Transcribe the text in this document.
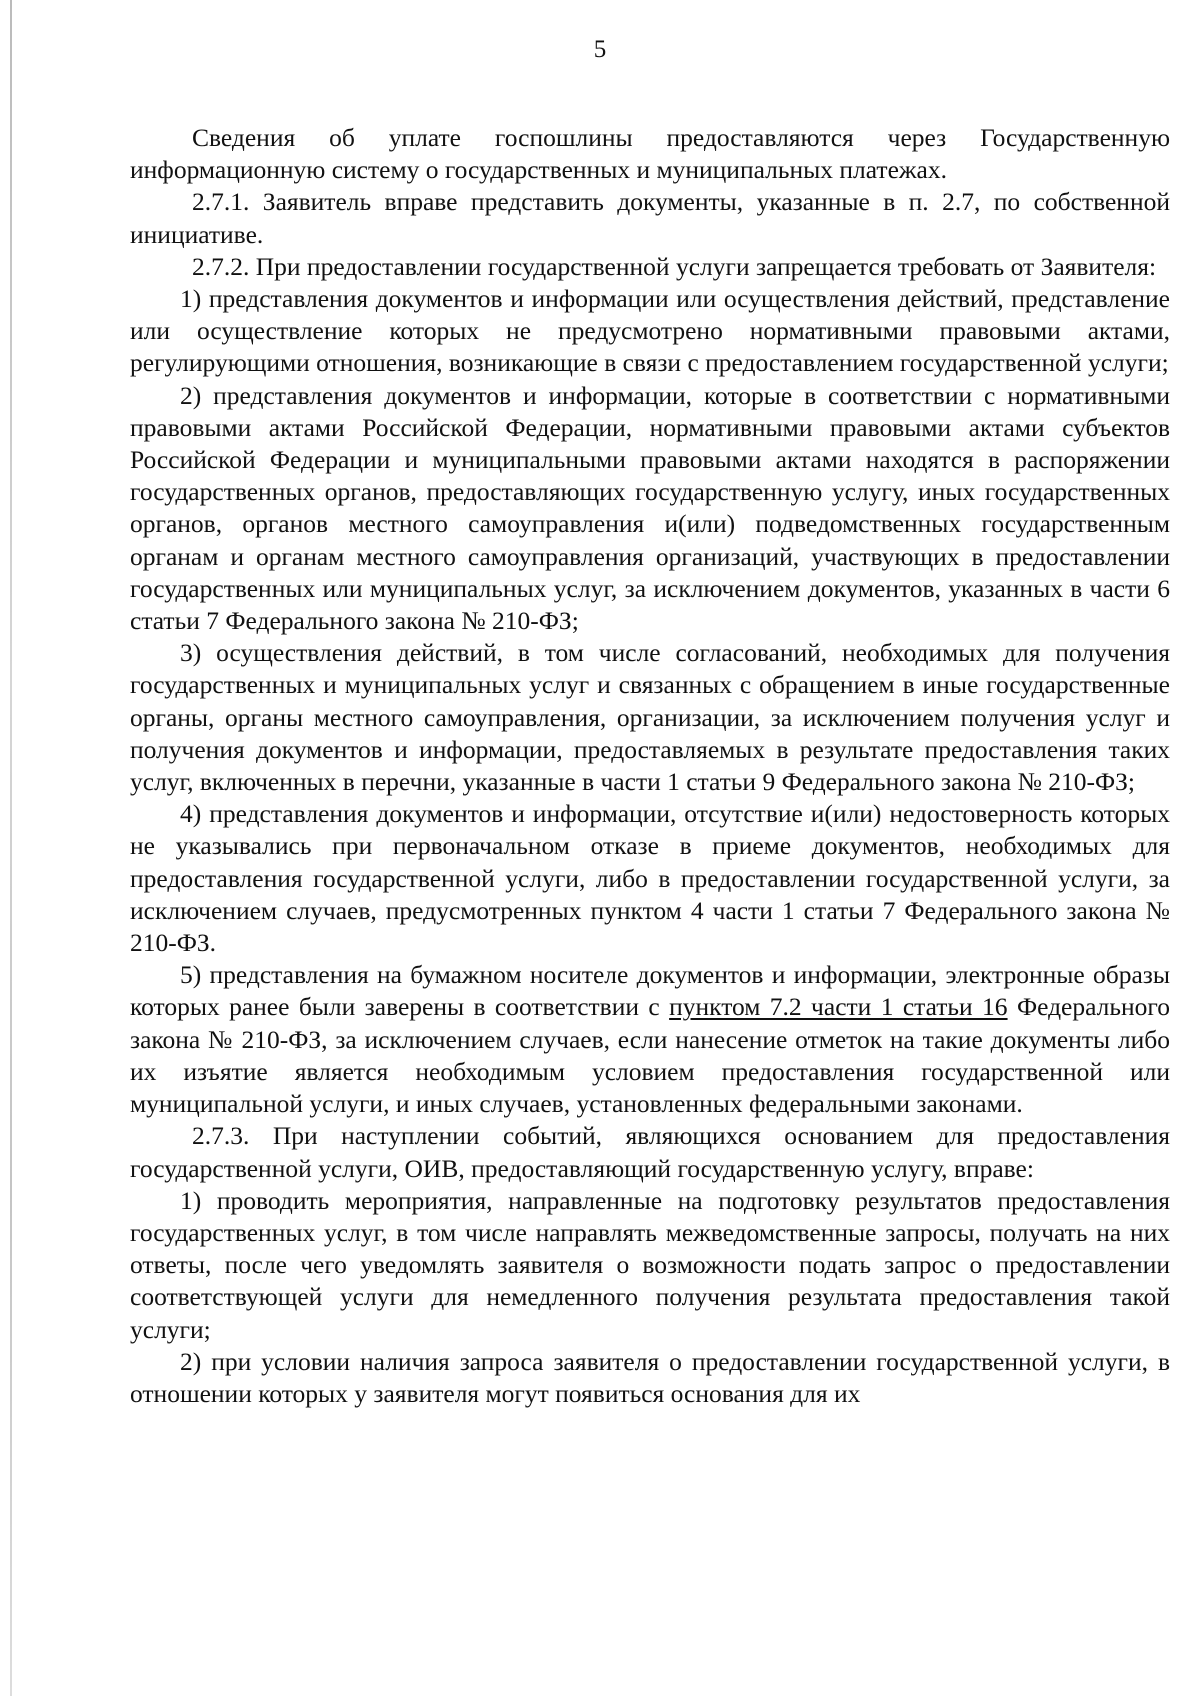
5

Сведения об уплате госпошлины предоставляются через Государственную информационную систему о государственных и муниципальных платежах.

2.7.1. Заявитель вправе представить документы, указанные в п. 2.7, по собственной инициативе.

2.7.2. При предоставлении государственной услуги запрещается требовать от Заявителя:

1) представления документов и информации или осуществления действий, представление или осуществление которых не предусмотрено нормативными правовыми актами, регулирующими отношения, возникающие в связи с предоставлением государственной услуги;

2) представления документов и информации, которые в соответствии с нормативными правовыми актами Российской Федерации, нормативными правовыми актами субъектов Российской Федерации и муниципальными правовыми актами находятся в распоряжении государственных органов, предоставляющих государственную услугу, иных государственных органов, органов местного самоуправления и(или) подведомственных государственным органам и органам местного самоуправления организаций, участвующих в предоставлении государственных или муниципальных услуг, за исключением документов, указанных в части 6 статьи 7 Федерального закона № 210-ФЗ;

3) осуществления действий, в том числе согласований, необходимых для получения государственных и муниципальных услуг и связанных с обращением в иные государственные органы, органы местного самоуправления, организации, за исключением получения услуг и получения документов и информации, предоставляемых в результате предоставления таких услуг, включенных в перечни, указанные в части 1 статьи 9 Федерального закона № 210-ФЗ;

4) представления документов и информации, отсутствие и(или) недостоверность которых не указывались при первоначальном отказе в приеме документов, необходимых для предоставления государственной услуги, либо в предоставлении государственной услуги, за исключением случаев, предусмотренных пунктом 4 части 1 статьи 7 Федерального закона № 210-ФЗ.

5) представления на бумажном носителе документов и информации, электронные образы которых ранее были заверены в соответствии с пунктом 7.2 части 1 статьи 16 Федерального закона № 210-ФЗ, за исключением случаев, если нанесение отметок на такие документы либо их изъятие является необходимым условием предоставления государственной или муниципальной услуги, и иных случаев, установленных федеральными законами.

2.7.3. При наступлении событий, являющихся основанием для предоставления государственной услуги, ОИВ, предоставляющий государственную услугу, вправе:

1) проводить мероприятия, направленные на подготовку результатов предоставления государственных услуг, в том числе направлять межведомственные запросы, получать на них ответы, после чего уведомлять заявителя о возможности подать запрос о предоставлении соответствующей услуги для немедленного получения результата предоставления такой услуги;

2) при условии наличия запроса заявителя о предоставлении государственной услуги, в отношении которых у заявителя могут появиться основания для их
